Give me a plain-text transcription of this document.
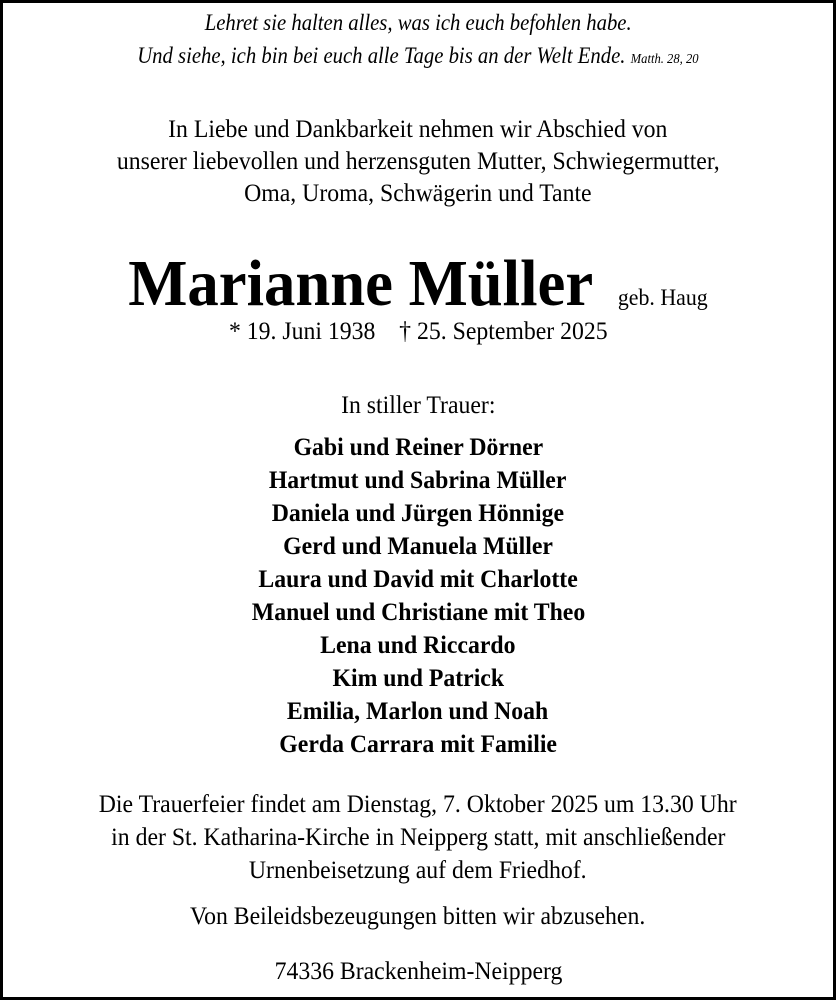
Lehret sie halten alles, was ich euch befohlen habe.
Und siehe, ich bin bei euch alle Tage bis an der Welt Ende. Matth. 28, 20
In Liebe und Dankbarkeit nehmen wir Abschied von
unserer liebevollen und herzensguten Mutter, Schwiegermutter,
Oma, Uroma, Schwägerin und Tante
Marianne Müller geb. Haug
* 19. Juni 1938    † 25. September 2025
In stiller Trauer:
Gabi und Reiner Dörner
Hartmut und Sabrina Müller
Daniela und Jürgen Hönnige
Gerd und Manuela Müller
Laura und David mit Charlotte
Manuel und Christiane mit Theo
Lena und Riccardo
Kim und Patrick
Emilia, Marlon und Noah
Gerda Carrara mit Familie
Die Trauerfeier findet am Dienstag, 7. Oktober 2025 um 13.30 Uhr
in der St. Katharina-Kirche in Neipperg statt, mit anschließender
Urnenbeisetzung auf dem Friedhof.
Von Beileidsbezeugungen bitten wir abzusehen.
74336 Brackenheim-Neipperg
